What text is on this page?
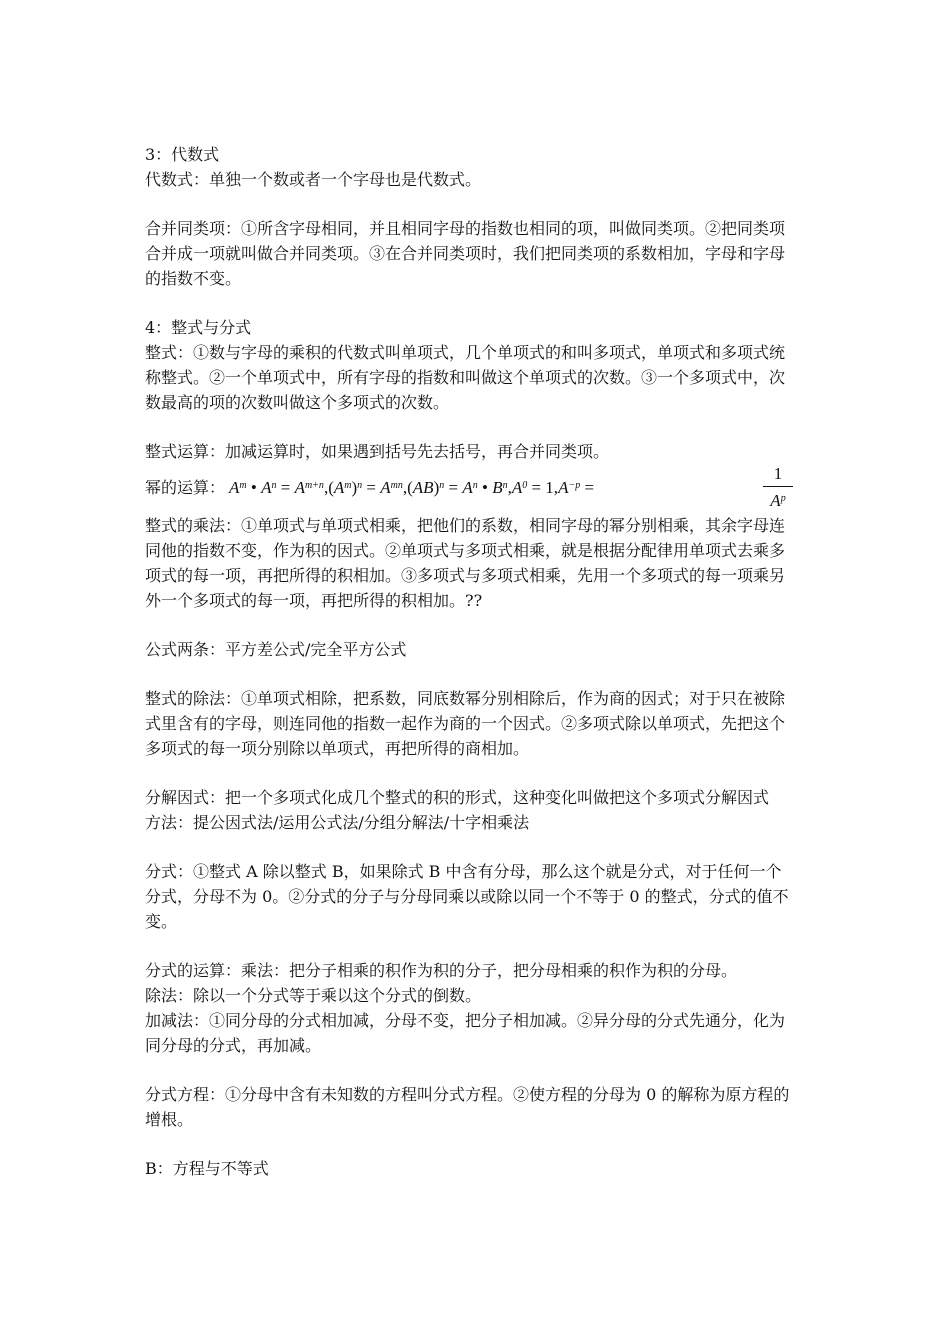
3：代数式
代数式：单独一个数或者一个字母也是代数式。
合并同类项：①所含字母相同，并且相同字母的指数也相同的项，叫做同类项。②把同类项
合并成一项就叫做合并同类项。③在合并同类项时，我们把同类项的系数相加，字母和字母
的指数不变。
4：整式与分式
整式：①数与字母的乘积的代数式叫单项式，几个单项式的和叫多项式，单项式和多项式统
称整式。②一个单项式中，所有字母的指数和叫做这个单项式的次数。③一个多项式中，次
数最高的项的次数叫做这个多项式的次数。
整式运算：加减运算时，如果遇到括号先去括号，再合并同类项。
幂的运算： $A^m$ • $A^n = A^{m+n},(A^m)^n = A^{mn},(AB)^n = A^n$ • $B^n,A^0 = 1,A^{-p}$ =
1
$A^p$
整式的乘法：①单项式与单项式相乘，把他们的系数，相同字母的幂分别相乘，其余字母连
同他的指数不变，作为积的因式。②单项式与多项式相乘，就是根据分配律用单项式去乘多
项式的每一项，再把所得的积相加。③多项式与多项式相乘，先用一个多项式的每一项乘另
外一个多项式的每一项，再把所得的积相加。??
公式两条：平方差公式/完全平方公式
整式的除法：①单项式相除，把系数，同底数幂分别相除后，作为商的因式；对于只在被除
式里含有的字母，则连同他的指数一起作为商的一个因式。②多项式除以单项式，先把这个
多项式的每一项分别除以单项式，再把所得的商相加。
分解因式：把一个多项式化成几个整式的积的形式，这种变化叫做把这个多项式分解因式
方法：提公因式法/运用公式法/分组分解法/十字相乘法
分式：①整式 A 除以整式 B，如果除式 B 中含有分母，那么这个就是分式，对于任何一个
分式，分母不为 0。②分式的分子与分母同乘以或除以同一个不等于 0 的整式，分式的值不
变。
分式的运算：乘法：把分子相乘的积作为积的分子，把分母相乘的积作为积的分母。
除法：除以一个分式等于乘以这个分式的倒数。
加减法：①同分母的分式相加减，分母不变，把分子相加减。②异分母的分式先通分，化为
同分母的分式，再加减。
分式方程：①分母中含有未知数的方程叫分式方程。②使方程的分母为 0 的解称为原方程的
增根。
B：方程与不等式
